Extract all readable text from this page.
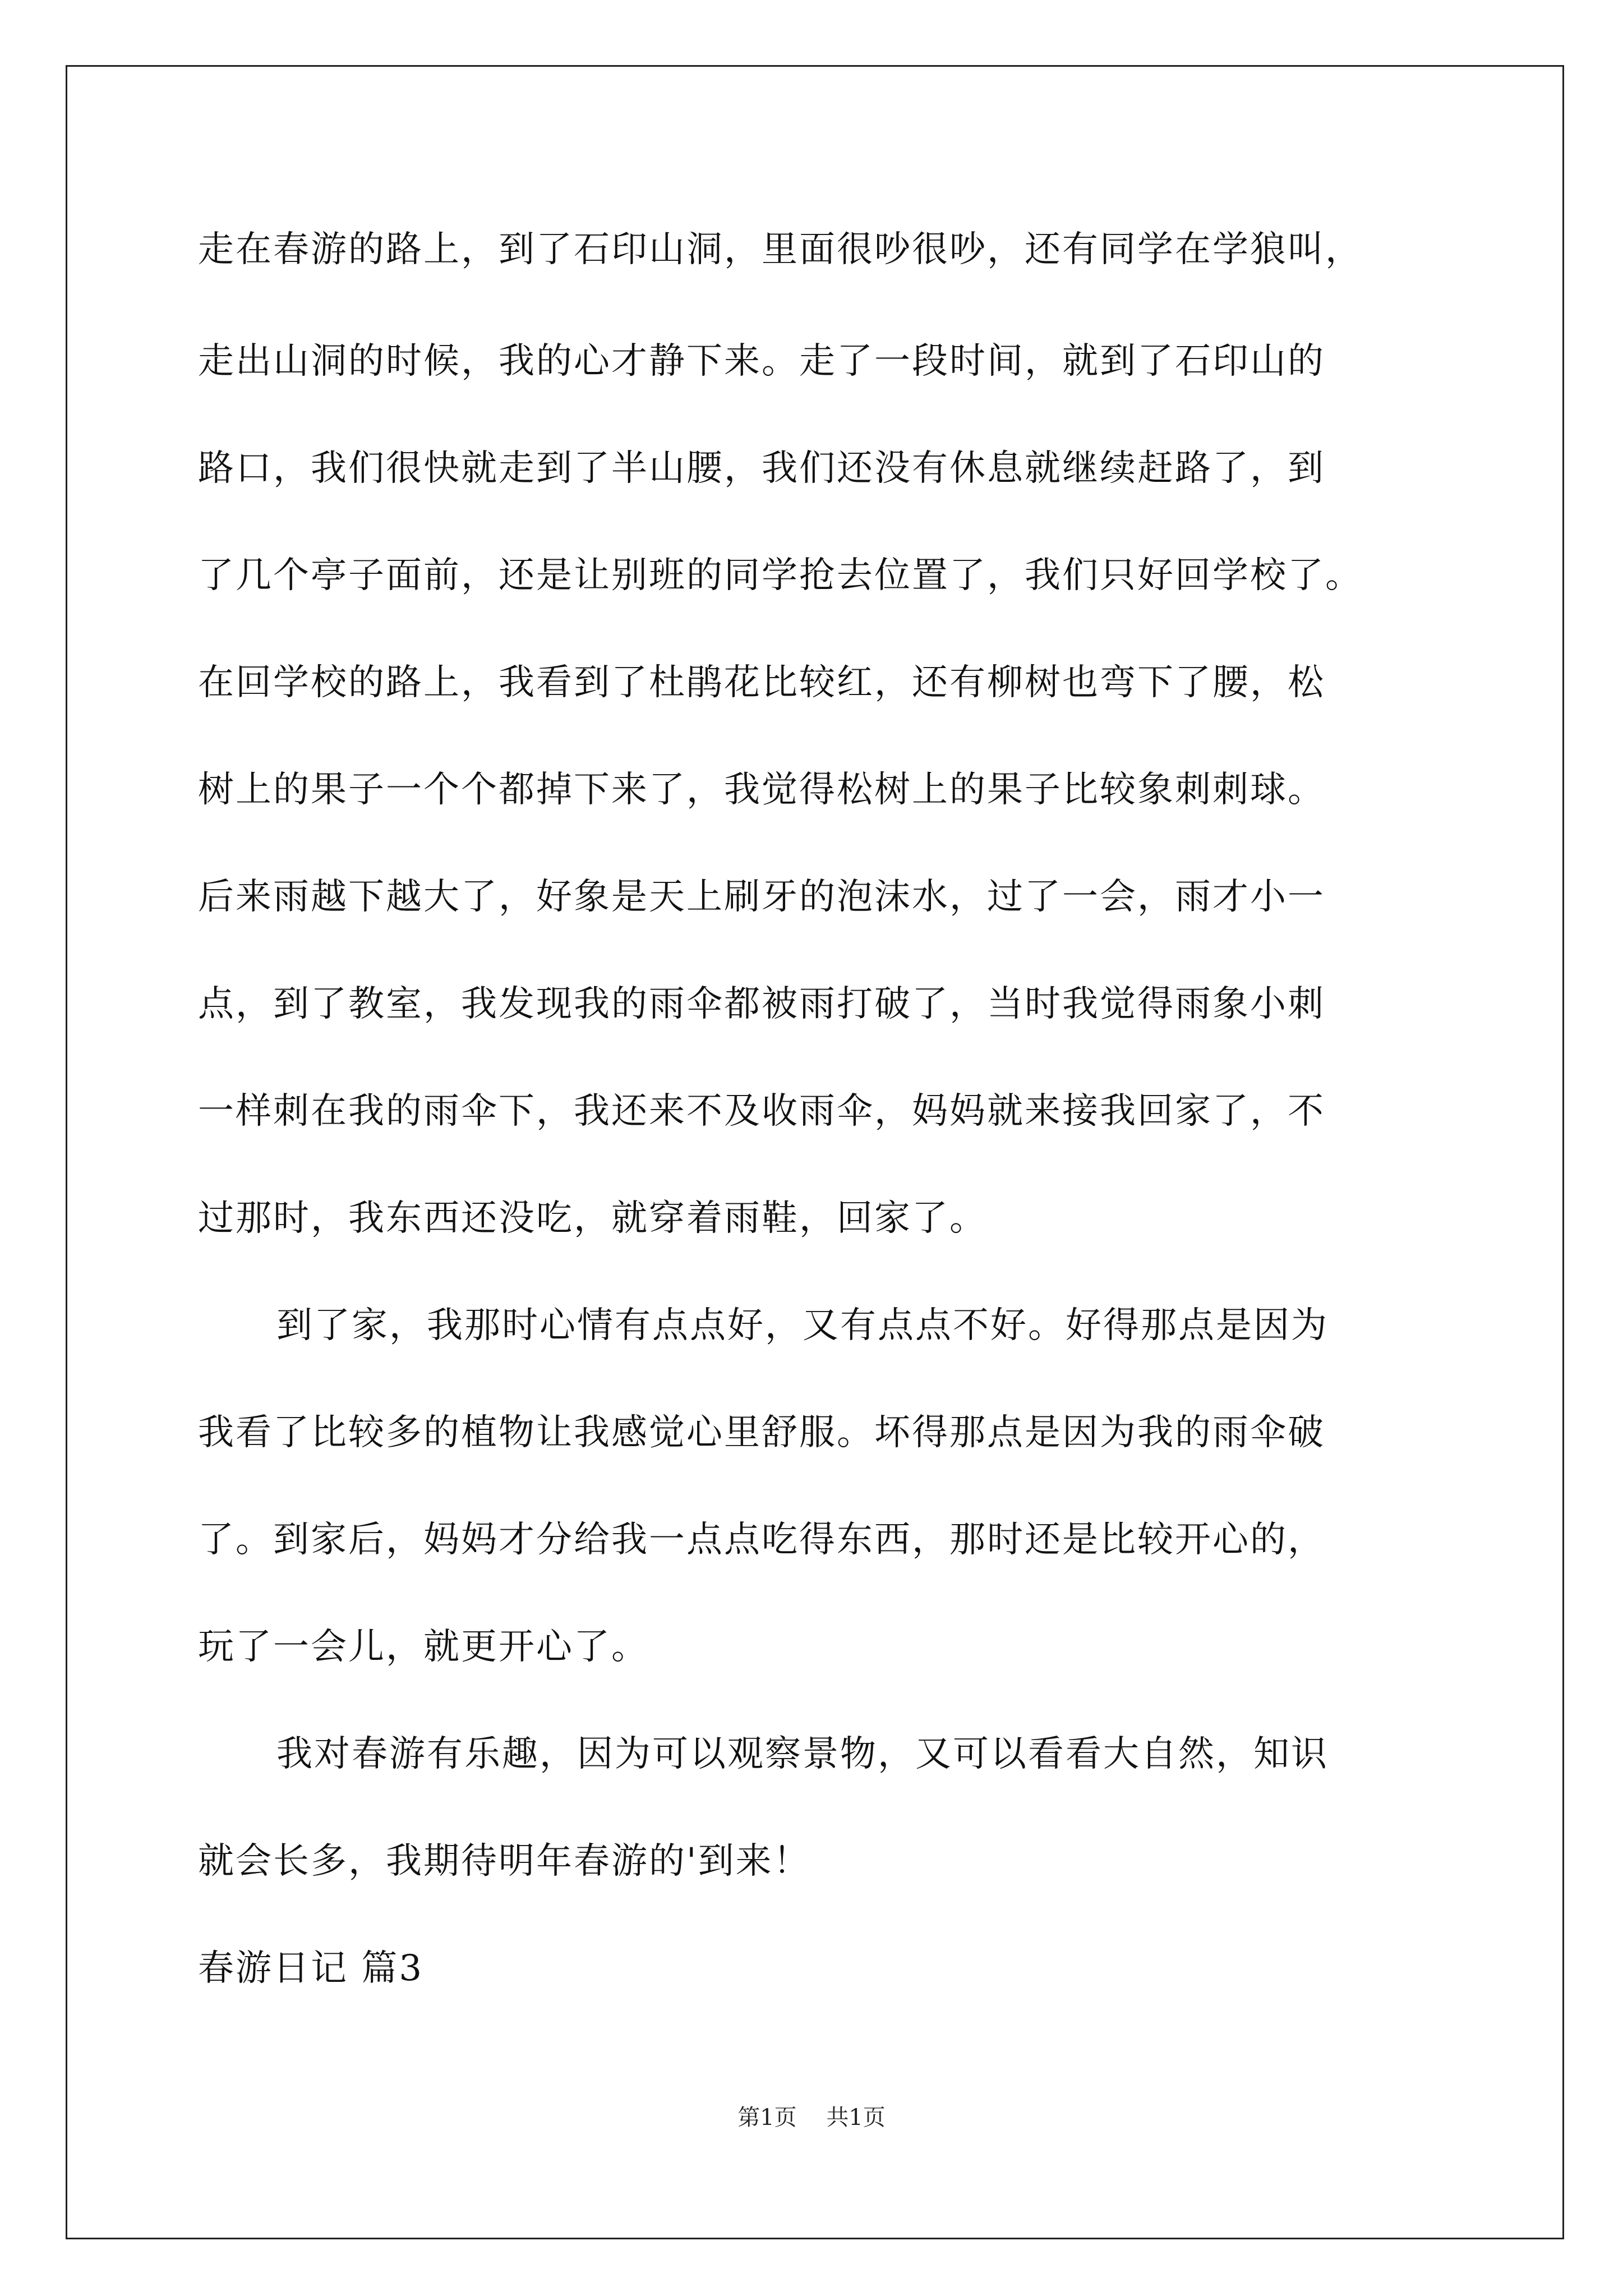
走在春游的路上，到了石印山洞，里面很吵很吵，还有同学在学狼叫，
走出山洞的时候，我的心才静下来。走了一段时间，就到了石印山的
路口，我们很快就走到了半山腰，我们还没有休息就继续赶路了，到
了几个亭子面前，还是让别班的同学抢去位置了，我们只好回学校了。
在回学校的路上，我看到了杜鹃花比较红，还有柳树也弯下了腰，松
树上的果子一个个都掉下来了，我觉得松树上的果子比较象刺刺球。
后来雨越下越大了，好象是天上刷牙的泡沫水，过了一会，雨才小一
点，到了教室，我发现我的雨伞都被雨打破了，当时我觉得雨象小刺
一样刺在我的雨伞下，我还来不及收雨伞，妈妈就来接我回家了，不
过那时，我东西还没吃，就穿着雨鞋，回家了。
到了家，我那时心情有点点好，又有点点不好。好得那点是因为
我看了比较多的植物让我感觉心里舒服。坏得那点是因为我的雨伞破
了。到家后，妈妈才分给我一点点吃得东西，那时还是比较开心的，
玩了一会儿，就更开心了。
我对春游有乐趣，因为可以观察景物，又可以看看大自然，知识
就会长多，我期待明年春游的'到来！
春游日记 篇3
第1页 共1页
